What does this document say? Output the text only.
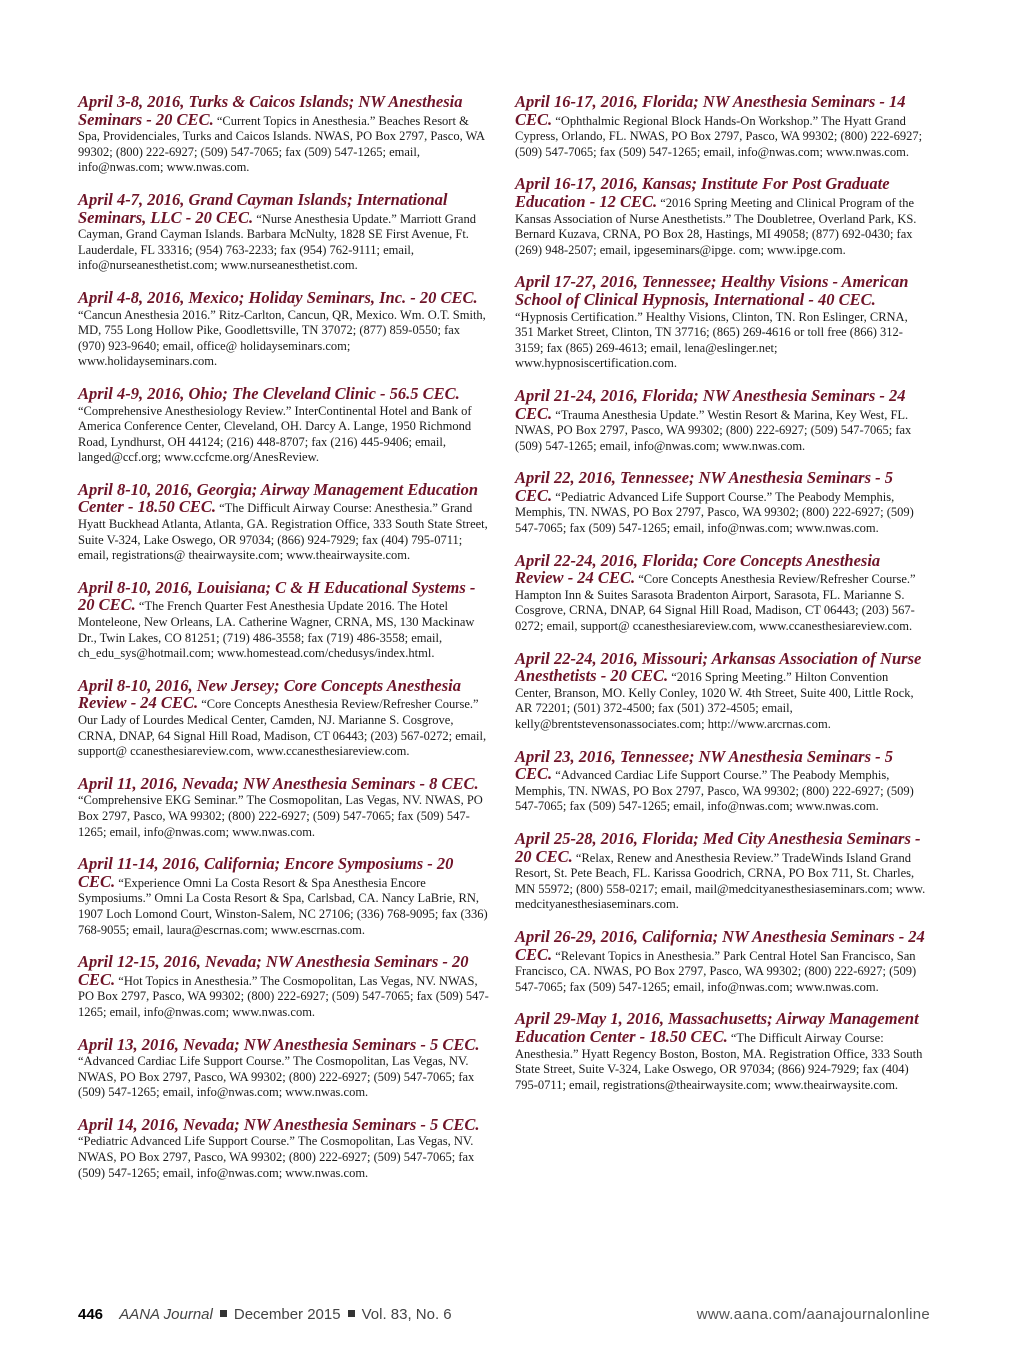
April 3-8, 2016, Turks & Caicos Islands; NW Anesthesia Seminars - 20 CEC. “Current Topics in Anesthesia.” Beaches Resort & Spa, Providenciales, Turks and Caicos Islands. NWAS, PO Box 2797, Pasco, WA 99302; (800) 222-6927; (509) 547-7065; fax (509) 547-1265; email, info@nwas.com; www.nwas.com.

April 4-7, 2016, Grand Cayman Islands; International Seminars, LLC - 20 CEC. “Nurse Anesthesia Update.” Marriott Grand Cayman, Grand Cayman Islands. Barbara McNulty, 1828 SE First Avenue, Ft. Lauderdale, FL 33316; (954) 763-2233; fax (954) 762-9111; email, info@nurseanesthetist.com; www.nurseanesthetist.com.

April 4-8, 2016, Mexico; Holiday Seminars, Inc. - 20 CEC. “Cancun Anesthesia 2016.” Ritz-Carlton, Cancun, QR, Mexico. Wm. O.T. Smith, MD, 755 Long Hollow Pike, Goodlettsville, TN 37072; (877) 859-0550; fax (970) 923-9640; email, office@ holidayseminars.com; www.holidayseminars.com.

April 4-9, 2016, Ohio; The Cleveland Clinic - 56.5 CEC. “Comprehensive Anesthesiology Review.” InterContinental Hotel and Bank of America Conference Center, Cleveland, OH. Darcy A. Lange, 1950 Richmond Road, Lyndhurst, OH 44124; (216) 448-8707; fax (216) 445-9406; email, langed@ccf.org; www.ccfcme.org/AnesReview.

April 8-10, 2016, Georgia; Airway Management Education Center - 18.50 CEC. “The Difficult Airway Course: Anesthesia.” Grand Hyatt Buckhead Atlanta, Atlanta, GA. Registration Office, 333 South State Street, Suite V-324, Lake Oswego, OR 97034; (866) 924-7929; fax (404) 795-0711; email, registrations@ theairwaysite.com; www.theairwaysite.com.

April 8-10, 2016, Louisiana; C & H Educational Systems - 20 CEC. “The French Quarter Fest Anesthesia Update 2016. The Hotel Monteleone, New Orleans, LA. Catherine Wagner, CRNA, MS, 130 Mackinaw Dr., Twin Lakes, CO 81251; (719) 486-3558; fax (719) 486-3558; email, ch_edu_sys@hotmail.com; www.homestead.com/chedusys/index.html.

April 8-10, 2016, New Jersey; Core Concepts Anesthesia Review - 24 CEC. “Core Concepts Anesthesia Review/Refresher Course.” Our Lady of Lourdes Medical Center, Camden, NJ. Marianne S. Cosgrove, CRNA, DNAP, 64 Signal Hill Road, Madison, CT 06443; (203) 567-0272; email, support@ ccanesthesiareview.com, www.ccanesthesiareview.com.

April 11, 2016, Nevada; NW Anesthesia Seminars - 8 CEC. “Comprehensive EKG Seminar.” The Cosmopolitan, Las Vegas, NV. NWAS, PO Box 2797, Pasco, WA 99302; (800) 222-6927; (509) 547-7065; fax (509) 547-1265; email, info@nwas.com; www.nwas.com.

April 11-14, 2016, California; Encore Symposiums - 20 CEC. “Experience Omni La Costa Resort & Spa Anesthesia Encore Symposiums.” Omni La Costa Resort & Spa, Carlsbad, CA. Nancy LaBrie, RN, 1907 Loch Lomond Court, Winston-Salem, NC 27106; (336) 768-9095; fax (336) 768-9055; email, laura@escrnas.com; www.escrnas.com.

April 12-15, 2016, Nevada; NW Anesthesia Seminars - 20 CEC. “Hot Topics in Anesthesia.” The Cosmopolitan, Las Vegas, NV. NWAS, PO Box 2797, Pasco, WA 99302; (800) 222-6927; (509) 547-7065; fax (509) 547-1265; email, info@nwas.com; www.nwas.com.

April 13, 2016, Nevada; NW Anesthesia Seminars - 5 CEC. “Advanced Cardiac Life Support Course.” The Cosmopolitan, Las Vegas, NV. NWAS, PO Box 2797, Pasco, WA 99302; (800) 222-6927; (509) 547-7065; fax (509) 547-1265; email, info@nwas.com; www.nwas.com.

April 14, 2016, Nevada; NW Anesthesia Seminars - 5 CEC. “Pediatric Advanced Life Support Course.” The Cosmopolitan, Las Vegas, NV. NWAS, PO Box 2797, Pasco, WA 99302; (800) 222-6927; (509) 547-7065; fax (509) 547-1265; email, info@nwas.com; www.nwas.com.

April 16-17, 2016, Florida; NW Anesthesia Seminars - 14 CEC. “Ophthalmic Regional Block Hands-On Workshop.” The Hyatt Grand Cypress, Orlando, FL. NWAS, PO Box 2797, Pasco, WA 99302; (800) 222-6927; (509) 547-7065; fax (509) 547-1265; email, info@nwas.com; www.nwas.com.

April 16-17, 2016, Kansas; Institute For Post Graduate Education - 12 CEC. “2016 Spring Meeting and Clinical Program of the Kansas Association of Nurse Anesthetists.” The Doubletree, Overland Park, KS. Bernard Kuzava, CRNA, PO Box 28, Hastings, MI 49058; (877) 692-0430; fax (269) 948-2507; email, ipgeseminars@ipge. com; www.ipge.com.

April 17-27, 2016, Tennessee; Healthy Visions - American School of Clinical Hypnosis, International - 40 CEC. “Hypnosis Certification.” Healthy Visions, Clinton, TN. Ron Eslinger, CRNA, 351 Market Street, Clinton, TN 37716; (865) 269-4616 or toll free (866) 312-3159; fax (865) 269-4613; email, lena@eslinger.net; www.hypnosiscertification.com.

April 21-24, 2016, Florida; NW Anesthesia Seminars - 24 CEC. “Trauma Anesthesia Update.” Westin Resort & Marina, Key West, FL. NWAS, PO Box 2797, Pasco, WA 99302; (800) 222-6927; (509) 547-7065; fax (509) 547-1265; email, info@nwas.com; www.nwas.com.

April 22, 2016, Tennessee; NW Anesthesia Seminars - 5 CEC. “Pediatric Advanced Life Support Course.” The Peabody Memphis, Memphis, TN. NWAS, PO Box 2797, Pasco, WA 99302; (800) 222-6927; (509) 547-7065; fax (509) 547-1265; email, info@nwas.com; www.nwas.com.

April 22-24, 2016, Florida; Core Concepts Anesthesia Review - 24 CEC. “Core Concepts Anesthesia Review/Refresher Course.” Hampton Inn & Suites Sarasota Bradenton Airport, Sarasota, FL. Marianne S. Cosgrove, CRNA, DNAP, 64 Signal Hill Road, Madison, CT 06443; (203) 567-0272; email, support@ ccanesthesiareview.com, www.ccanesthesiareview.com.

April 22-24, 2016, Missouri; Arkansas Association of Nurse Anesthetists - 20 CEC. “2016 Spring Meeting.” Hilton Convention Center, Branson, MO. Kelly Conley, 1020 W. 4th Street, Suite 400, Little Rock, AR 72201; (501) 372-4500; fax (501) 372-4505; email, kelly@brentstevensonassociates.com; http://www.arcrnas.com.

April 23, 2016, Tennessee; NW Anesthesia Seminars - 5 CEC. “Advanced Cardiac Life Support Course.” The Peabody Memphis, Memphis, TN. NWAS, PO Box 2797, Pasco, WA 99302; (800) 222-6927; (509) 547-7065; fax (509) 547-1265; email, info@nwas.com; www.nwas.com.

April 25-28, 2016, Florida; Med City Anesthesia Seminars - 20 CEC. “Relax, Renew and Anesthesia Review.” TradeWinds Island Grand Resort, St. Pete Beach, FL. Karissa Goodrich, CRNA, PO Box 711, St. Charles, MN 55972; (800) 558-0217; email, mail@medcityanesthesiaseminars.com; www. medcityanesthesiaseminars.com.

April 26-29, 2016, California; NW Anesthesia Seminars - 24 CEC. “Relevant Topics in Anesthesia.” Park Central Hotel San Francisco, San Francisco, CA. NWAS, PO Box 2797, Pasco, WA 99302; (800) 222-6927; (509) 547-7065; fax (509) 547-1265; email, info@nwas.com; www.nwas.com.

April 29-May 1, 2016, Massachusetts; Airway Management Education Center - 18.50 CEC. “The Difficult Airway Course: Anesthesia.” Hyatt Regency Boston, Boston, MA. Registration Office, 333 South State Street, Suite V-324, Lake Oswego, OR 97034; (866) 924-7929; fax (404) 795-0711; email, registrations@theairwaysite.com; www.theairwaysite.com.

446 AANA Journal December 2015 Vol. 83, No. 6	www.aana.com/aanajournalonline
